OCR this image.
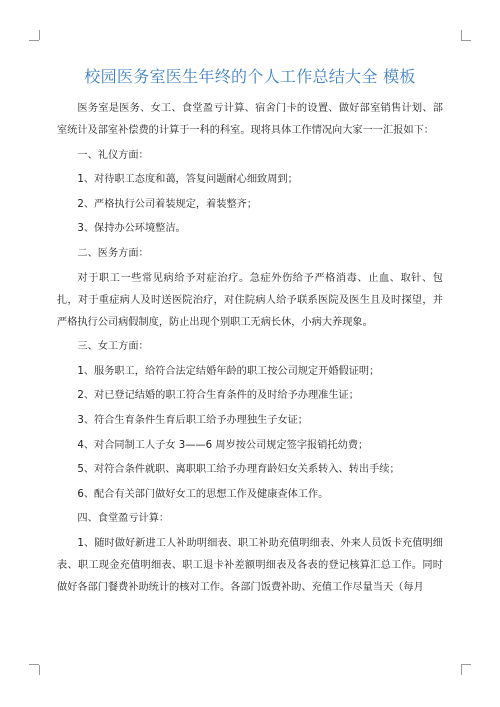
校园医务室医生年终的个人工作总结大全 模板

医务室是医务、女工、食堂盈亏计算、宿舍门卡的设置、做好部室销售计划、部室统计及部室补偿费的计算于一科的科室。现将具体工作情况向大家一一汇报如下：

一、礼仪方面：

1、对待职工态度和蔼，答复问题耐心细致周到；

2、严格执行公司着装规定，着装整齐；

3、保持办公环境整洁。

二、医务方面：

对于职工一些常见病给予对症治疗。急症外伤给予严格消毒、止血、取针、包扎，对于重症病人及时送医院治疗，对住院病人给予联系医院及医生且及时探望，并严格执行公司病假制度，防止出现个别职工无病长休，小病大养现象。

三、女工方面：

1、服务职工，给符合法定结婚年龄的职工按公司规定开婚假证明；

2、对已登记结婚的职工符合生育条件的及时给予办理准生证；

3、符合生育条件生育后职工给予办理独生子女证；

4、对合同制工人子女 3——6 周岁按公司规定签字报销托幼费；

5、对符合条件就职、离职职工给予办理育龄妇女关系转入、转出手续；

6、配合有关部门做好女工的思想工作及健康查体工作。

四、食堂盈亏计算：

1、随时做好新进工人补助明细表、职工补助充值明细表、外来人员饭卡充值明细表、职工现金充值明细表、职工退卡补差额明细表及各表的登记核算汇总工作。同时做好各部门餐费补助统计的核对工作。各部门饭费补助、充值工作尽量当天（每月
